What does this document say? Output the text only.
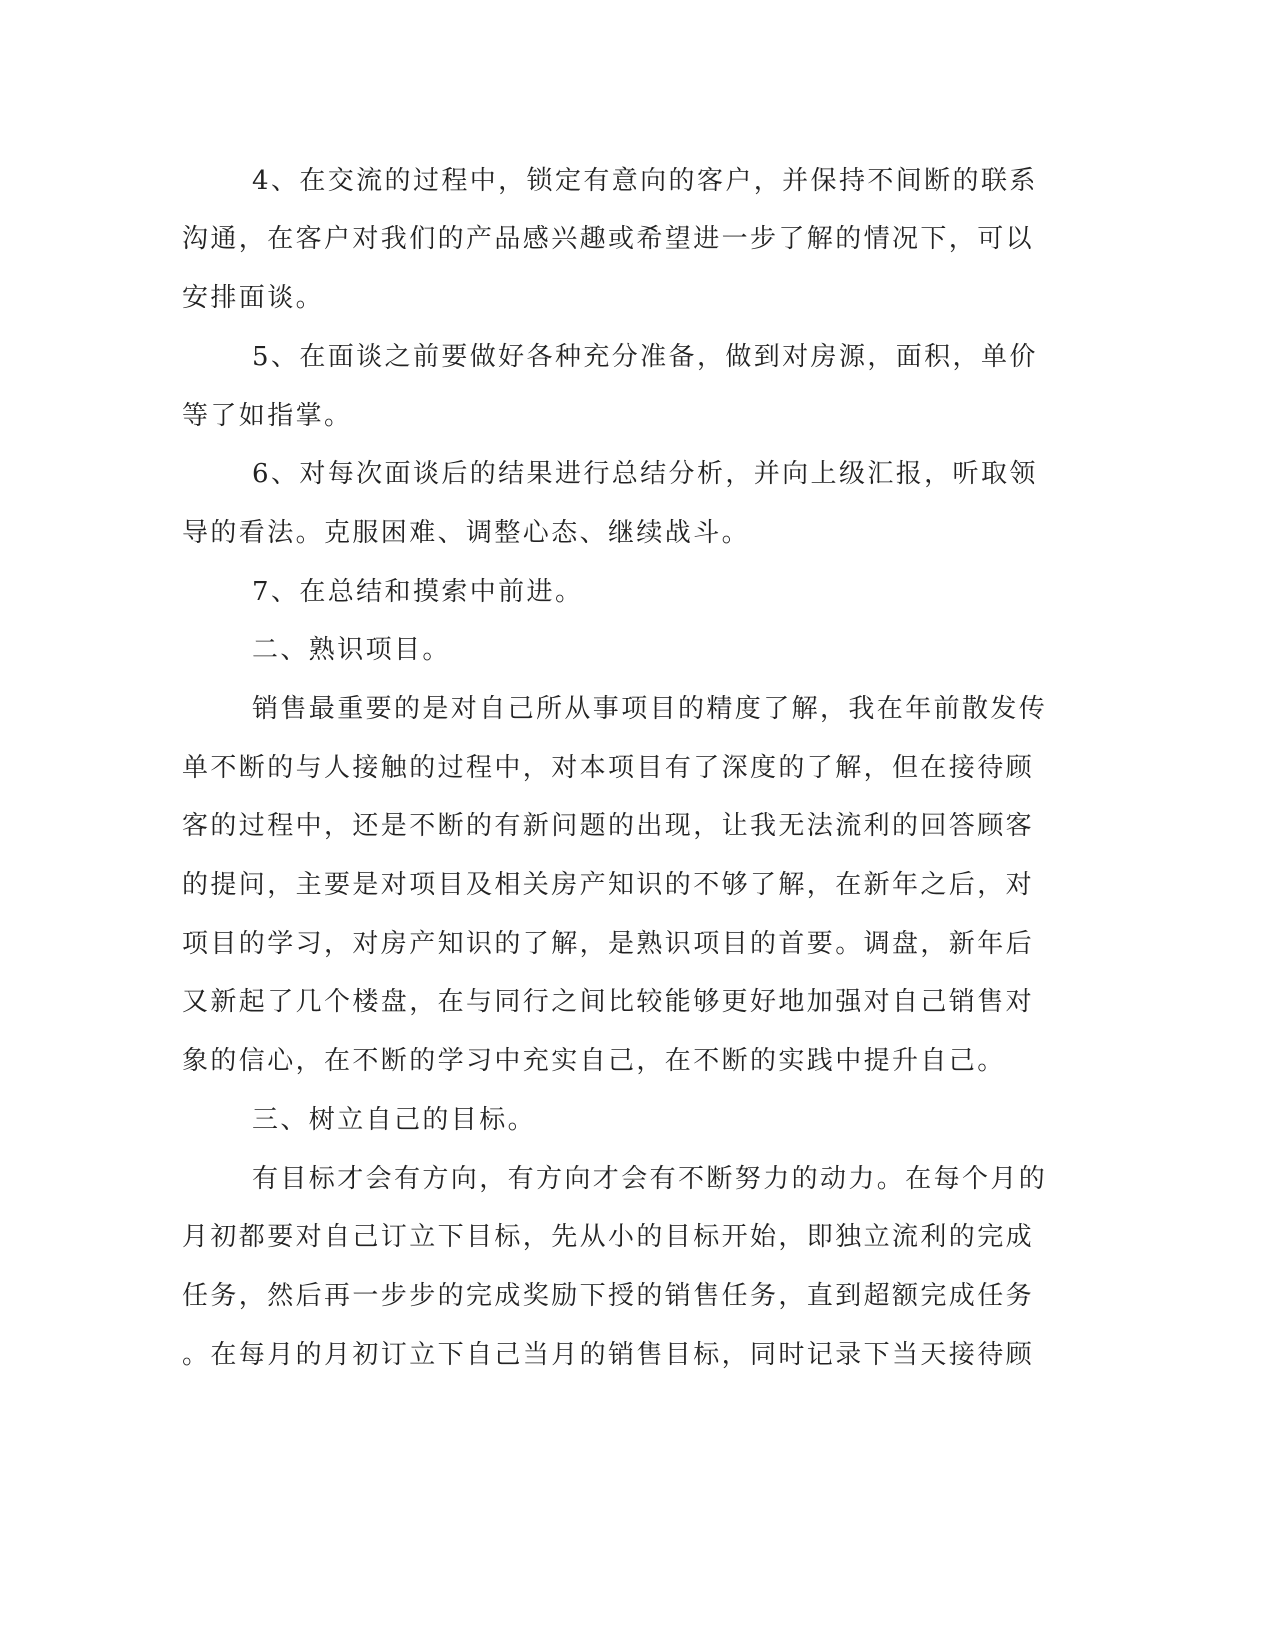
4、在交流的过程中，锁定有意向的客户，并保持不间断的联系
沟通，在客户对我们的产品感兴趣或希望进一步了解的情况下，可以
安排面谈。
5、在面谈之前要做好各种充分准备，做到对房源，面积，单价
等了如指掌。
6、对每次面谈后的结果进行总结分析，并向上级汇报，听取领
导的看法。克服困难、调整心态、继续战斗。
7、在总结和摸索中前进。
二、熟识项目。
销售最重要的是对自己所从事项目的精度了解，我在年前散发传
单不断的与人接触的过程中，对本项目有了深度的了解，但在接待顾
客的过程中，还是不断的有新问题的出现，让我无法流利的回答顾客
的提问，主要是对项目及相关房产知识的不够了解，在新年之后，对
项目的学习，对房产知识的了解，是熟识项目的首要。调盘，新年后
又新起了几个楼盘，在与同行之间比较能够更好地加强对自己销售对
象的信心，在不断的学习中充实自己，在不断的实践中提升自己。
三、树立自己的目标。
有目标才会有方向，有方向才会有不断努力的动力。在每个月的
月初都要对自己订立下目标，先从小的目标开始，即独立流利的完成
任务，然后再一步步的完成奖励下授的销售任务，直到超额完成任务
。在每月的月初订立下自己当月的销售目标，同时记录下当天接待顾
